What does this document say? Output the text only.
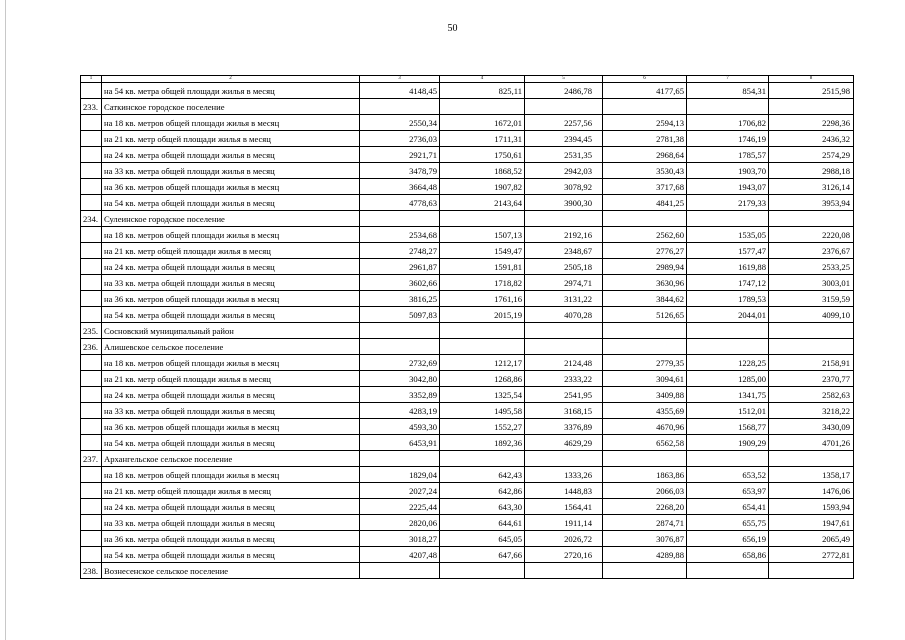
50
1	2	3	4	5	6	7	8
	на 54 кв. метра общей площади жилья в месяц	4148,45	825,11	2486,78	4177,65	854,31	2515,98
233.	Саткинское городское поселение						
	на 18 кв. метров общей площади жилья в месяц	2550,34	1672,01	2257,56	2594,13	1706,82	2298,36
	на 21 кв. метр общей площади жилья в месяц	2736,03	1711,31	2394,45	2781,38	1746,19	2436,32
	на 24 кв. метра общей площади жилья в месяц	2921,71	1750,61	2531,35	2968,64	1785,57	2574,29
	на 33 кв. метра общей площади жилья в месяц	3478,79	1868,52	2942,03	3530,43	1903,70	2988,18
	на 36 кв. метров общей площади жилья в месяц	3664,48	1907,82	3078,92	3717,68	1943,07	3126,14
	на 54 кв. метра общей площади жилья в месяц	4778,63	2143,64	3900,30	4841,25	2179,33	3953,94
234.	Сулеинское городское поселение						
	на 18 кв. метров общей площади жилья в месяц	2534,68	1507,13	2192,16	2562,60	1535,05	2220,08
	на 21 кв. метр общей площади жилья в месяц	2748,27	1549,47	2348,67	2776,27	1577,47	2376,67
	на 24 кв. метра общей площади жилья в месяц	2961,87	1591,81	2505,18	2989,94	1619,88	2533,25
	на 33 кв. метра общей площади жилья в месяц	3602,66	1718,82	2974,71	3630,96	1747,12	3003,01
	на 36 кв. метров общей площади жилья в месяц	3816,25	1761,16	3131,22	3844,62	1789,53	3159,59
	на 54 кв. метра общей площади жилья в месяц	5097,83	2015,19	4070,28	5126,65	2044,01	4099,10
235.	Сосновский муниципальный район						
236.	Алишевское сельское поселение						
	на 18 кв. метров общей площади жилья в месяц	2732,69	1212,17	2124,48	2779,35	1228,25	2158,91
	на 21 кв. метр общей площади жилья в месяц	3042,80	1268,86	2333,22	3094,61	1285,00	2370,77
	на 24 кв. метра общей площади жилья в месяц	3352,89	1325,54	2541,95	3409,88	1341,75	2582,63
	на 33 кв. метра общей площади жилья в месяц	4283,19	1495,58	3168,15	4355,69	1512,01	3218,22
	на 36 кв. метров общей площади жилья в месяц	4593,30	1552,27	3376,89	4670,96	1568,77	3430,09
	на 54 кв. метра общей площади жилья в месяц	6453,91	1892,36	4629,29	6562,58	1909,29	4701,26
237.	Архангельское сельское поселение						
	на 18 кв. метров общей площади жилья в месяц	1829,04	642,43	1333,26	1863,86	653,52	1358,17
	на 21 кв. метр общей площади жилья в месяц	2027,24	642,86	1448,83	2066,03	653,97	1476,06
	на 24 кв. метра общей площади жилья в месяц	2225,44	643,30	1564,41	2268,20	654,41	1593,94
	на 33 кв. метра общей площади жилья в месяц	2820,06	644,61	1911,14	2874,71	655,75	1947,61
	на 36 кв. метра общей площади жилья в месяц	3018,27	645,05	2026,72	3076,87	656,19	2065,49
	на 54 кв. метра общей площади жилья в месяц	4207,48	647,66	2720,16	4289,88	658,86	2772,81
238.	Вознесенское сельское поселение						
